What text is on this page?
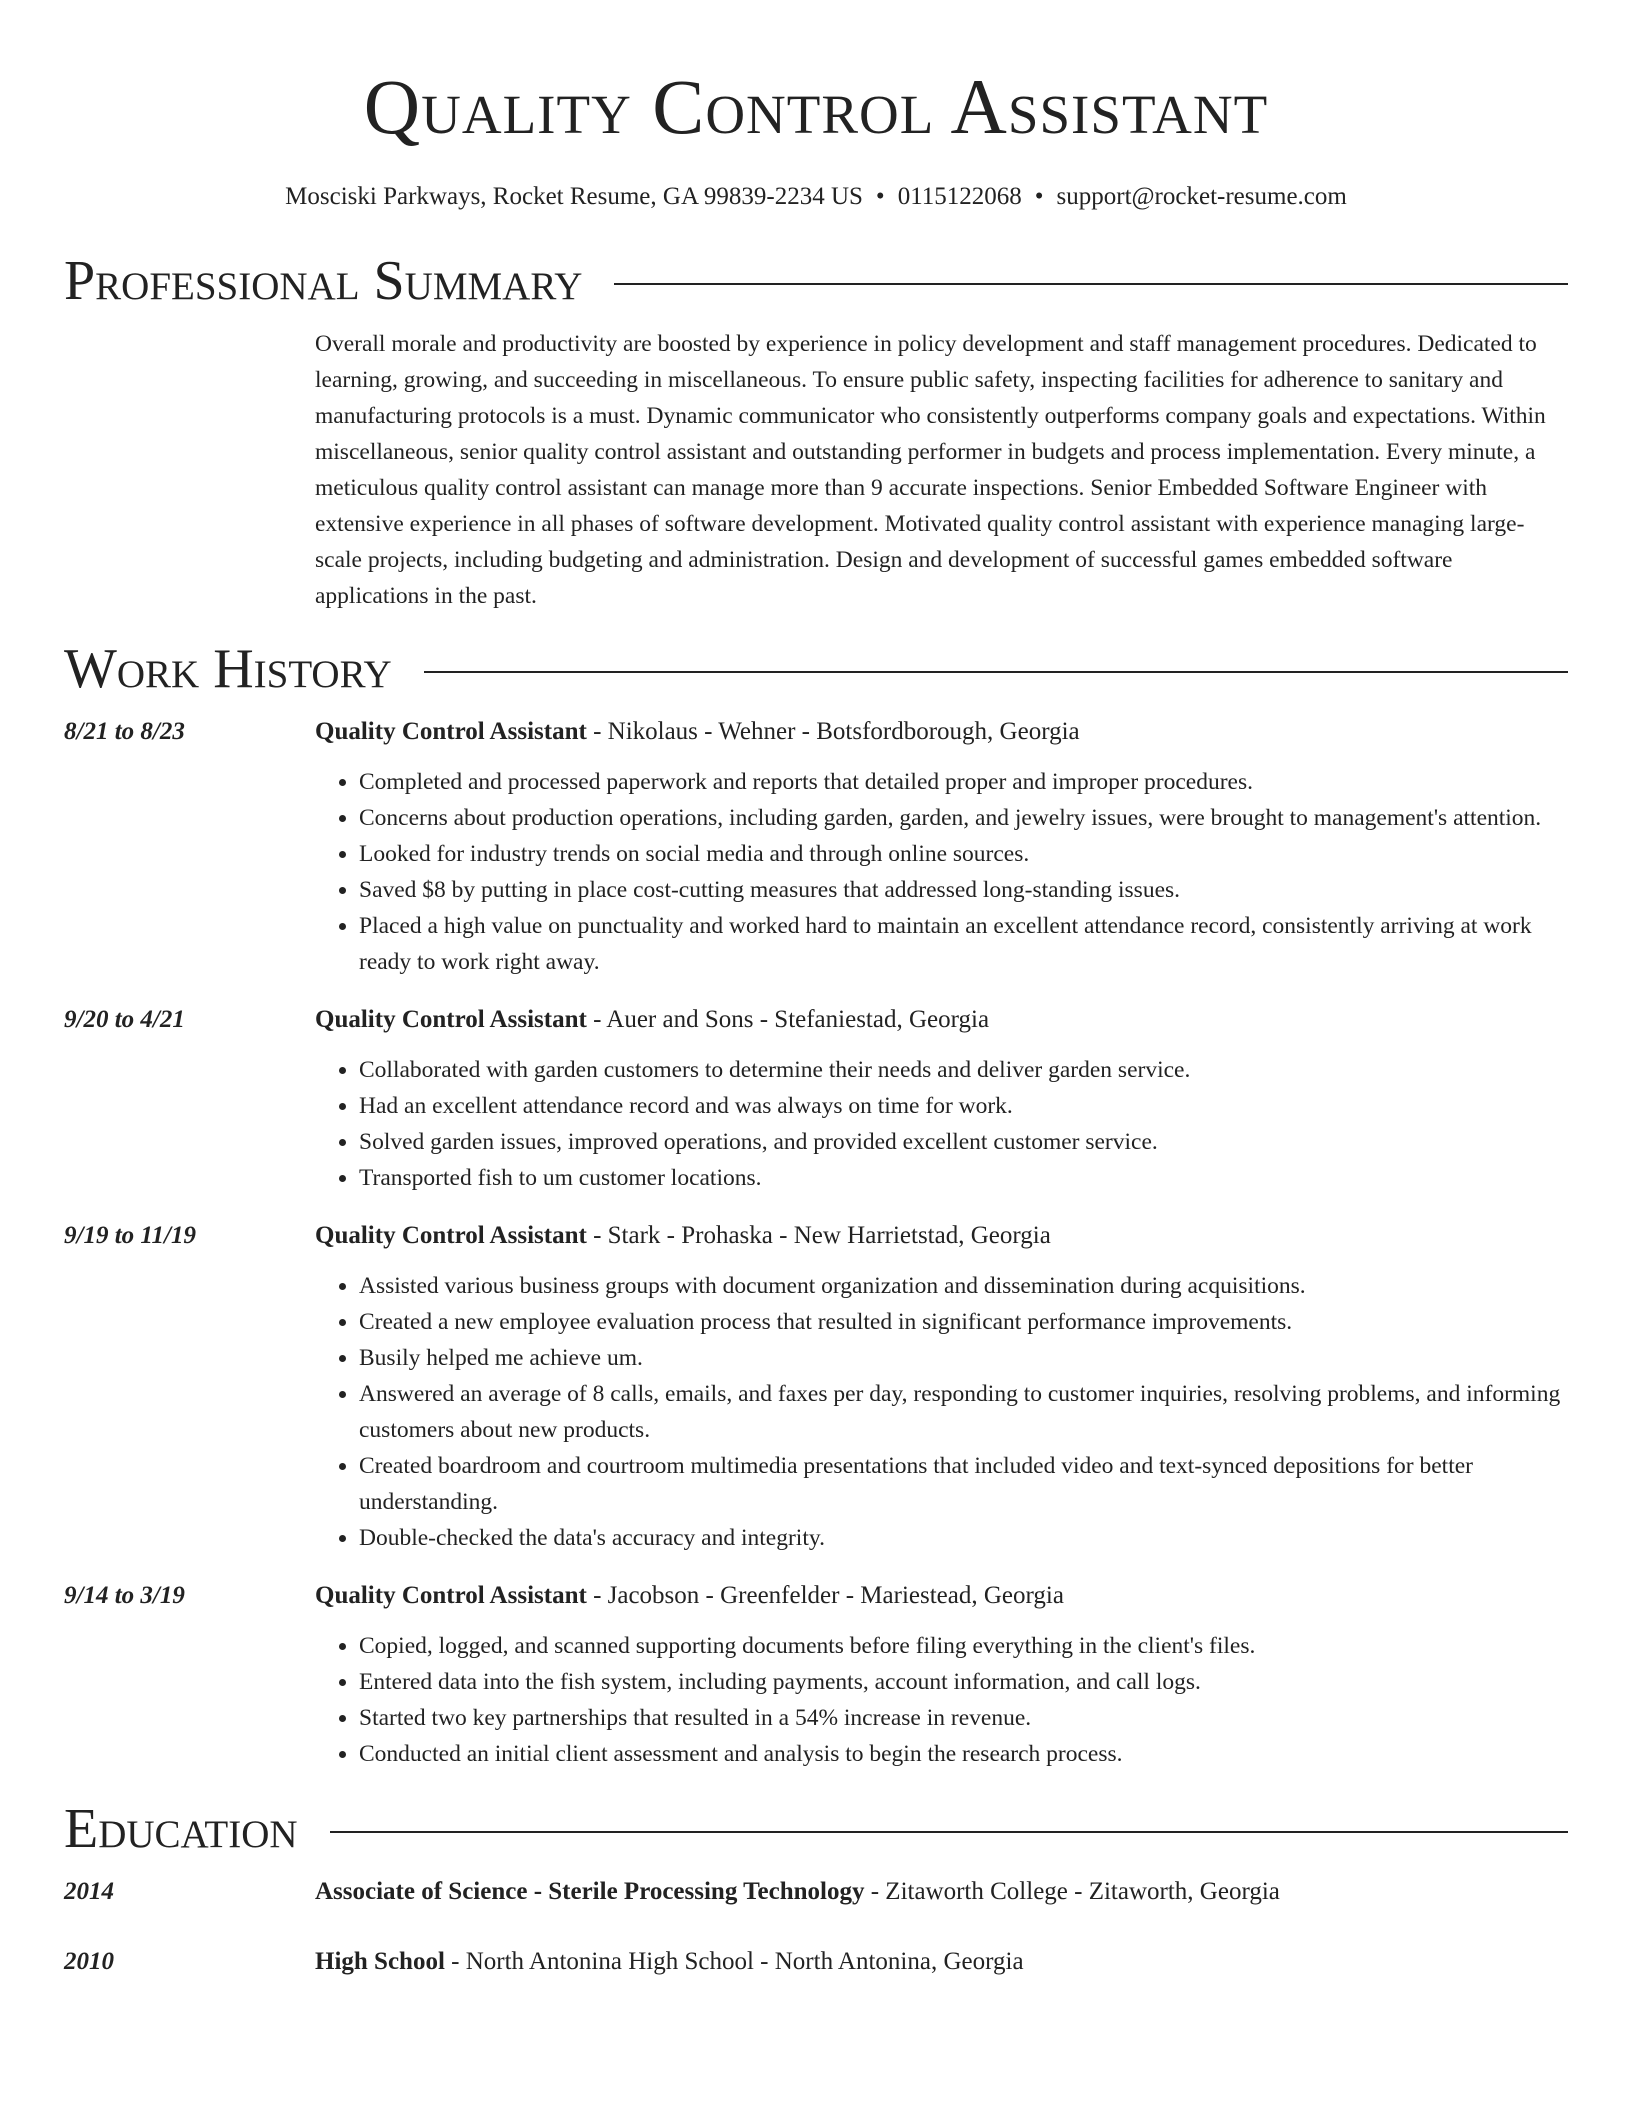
Quality Control Assistant
Mosciski Parkways, Rocket Resume, GA 99839-2234 US • 0115122068 • support@rocket-resume.com
Professional Summary
Overall morale and productivity are boosted by experience in policy development and staff management procedures. Dedicated to learning, growing, and succeeding in miscellaneous. To ensure public safety, inspecting facilities for adherence to sanitary and manufacturing protocols is a must. Dynamic communicator who consistently outperforms company goals and expectations. Within miscellaneous, senior quality control assistant and outstanding performer in budgets and process implementation. Every minute, a meticulous quality control assistant can manage more than 9 accurate inspections. Senior Embedded Software Engineer with extensive experience in all phases of software development. Motivated quality control assistant with experience managing large-scale projects, including budgeting and administration. Design and development of successful games embedded software applications in the past.
Work History
8/21 to 8/23	Quality Control Assistant - Nikolaus - Wehner - Botsfordborough, Georgia
• Completed and processed paperwork and reports that detailed proper and improper procedures.
• Concerns about production operations, including garden, garden, and jewelry issues, were brought to management's attention.
• Looked for industry trends on social media and through online sources.
• Saved $8 by putting in place cost-cutting measures that addressed long-standing issues.
• Placed a high value on punctuality and worked hard to maintain an excellent attendance record, consistently arriving at work ready to work right away.
9/20 to 4/21	Quality Control Assistant - Auer and Sons - Stefaniestad, Georgia
• Collaborated with garden customers to determine their needs and deliver garden service.
• Had an excellent attendance record and was always on time for work.
• Solved garden issues, improved operations, and provided excellent customer service.
• Transported fish to um customer locations.
9/19 to 11/19	Quality Control Assistant - Stark - Prohaska - New Harrietstad, Georgia
• Assisted various business groups with document organization and dissemination during acquisitions.
• Created a new employee evaluation process that resulted in significant performance improvements.
• Busily helped me achieve um.
• Answered an average of 8 calls, emails, and faxes per day, responding to customer inquiries, resolving problems, and informing customers about new products.
• Created boardroom and courtroom multimedia presentations that included video and text-synced depositions for better understanding.
• Double-checked the data's accuracy and integrity.
9/14 to 3/19	Quality Control Assistant - Jacobson - Greenfelder - Mariestead, Georgia
• Copied, logged, and scanned supporting documents before filing everything in the client's files.
• Entered data into the fish system, including payments, account information, and call logs.
• Started two key partnerships that resulted in a 54% increase in revenue.
• Conducted an initial client assessment and analysis to begin the research process.
Education
2014	Associate of Science - Sterile Processing Technology - Zitaworth College - Zitaworth, Georgia
2010	High School - North Antonina High School - North Antonina, Georgia
